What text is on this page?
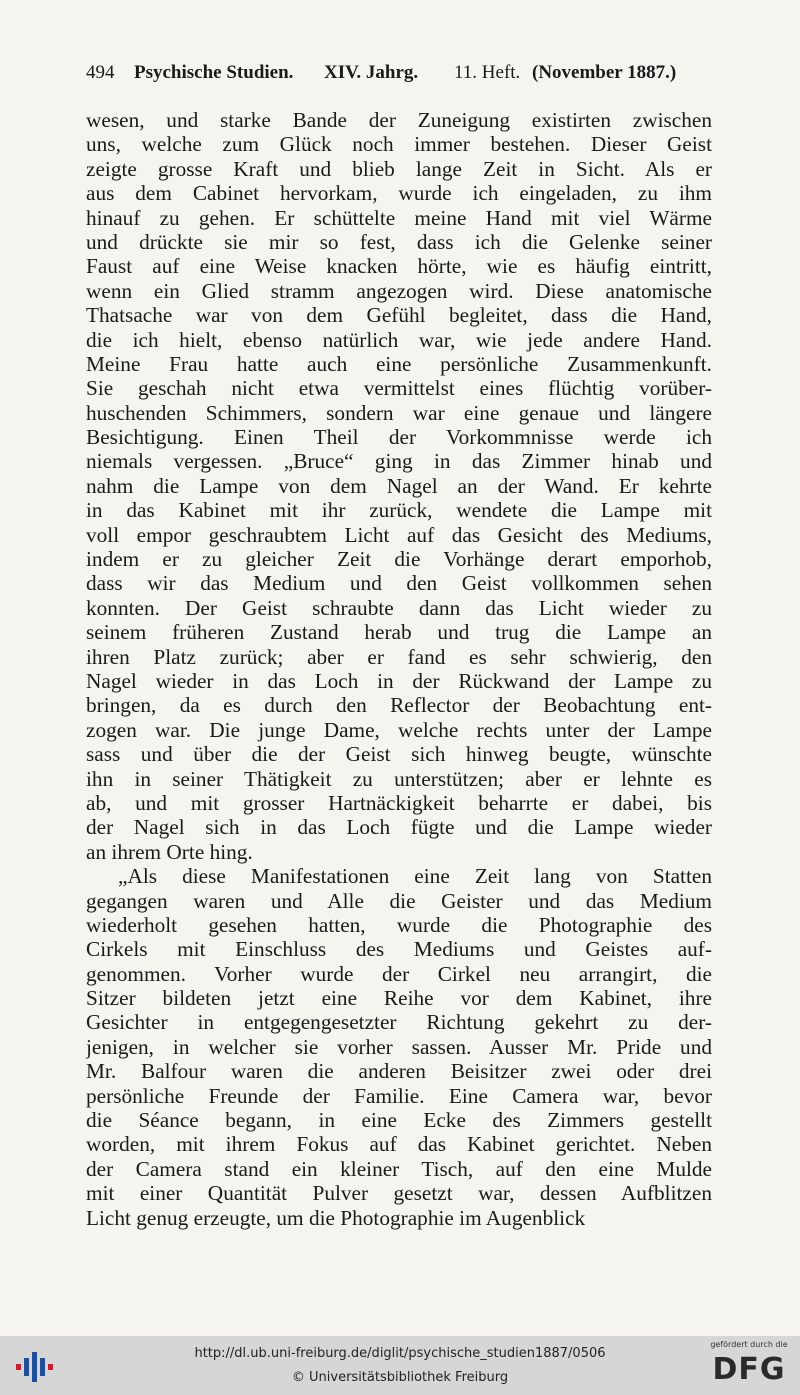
494 Psychische Studien. XIV. Jahrg. 11. Heft. (November 1887.)
wesen, und starke Bande der Zuneigung existirten zwischen
uns, welche zum Glück noch immer bestehen. Dieser Geist
zeigte grosse Kraft und blieb lange Zeit in Sicht. Als er
aus dem Cabinet hervorkam, wurde ich eingeladen, zu ihm
hinauf zu gehen. Er schüttelte meine Hand mit viel Wärme
und drückte sie mir so fest, dass ich die Gelenke seiner
Faust auf eine Weise knacken hörte, wie es häufig eintritt,
wenn ein Glied stramm angezogen wird. Diese anatomische
Thatsache war von dem Gefühl begleitet, dass die Hand,
die ich hielt, ebenso natürlich war, wie jede andere Hand.
Meine Frau hatte auch eine persönliche Zusammenkunft.
Sie geschah nicht etwa vermittelst eines flüchtig vorüber-
huschenden Schimmers, sondern war eine genaue und längere
Besichtigung. Einen Theil der Vorkommnisse werde ich
niemals vergessen. „Bruce“ ging in das Zimmer hinab und
nahm die Lampe von dem Nagel an der Wand. Er kehrte
in das Kabinet mit ihr zurück, wendete die Lampe mit
voll empor geschraubtem Licht auf das Gesicht des Mediums,
indem er zu gleicher Zeit die Vorhänge derart emporhob,
dass wir das Medium und den Geist vollkommen sehen
konnten. Der Geist schraubte dann das Licht wieder zu
seinem früheren Zustand herab und trug die Lampe an
ihren Platz zurück; aber er fand es sehr schwierig, den
Nagel wieder in das Loch in der Rückwand der Lampe zu
bringen, da es durch den Reflector der Beobachtung ent-
zogen war. Die junge Dame, welche rechts unter der Lampe
sass und über die der Geist sich hinweg beugte, wünschte
ihn in seiner Thätigkeit zu unterstützen; aber er lehnte es
ab, und mit grosser Hartnäckigkeit beharrte er dabei, bis
der Nagel sich in das Loch fügte und die Lampe wieder
an ihrem Orte hing.
„Als diese Manifestationen eine Zeit lang von Statten
gegangen waren und Alle die Geister und das Medium
wiederholt gesehen hatten, wurde die Photographie des
Cirkels mit Einschluss des Mediums und Geistes auf-
genommen. Vorher wurde der Cirkel neu arrangirt, die
Sitzer bildeten jetzt eine Reihe vor dem Kabinet, ihre
Gesichter in entgegengesetzter Richtung gekehrt zu der-
jenigen, in welcher sie vorher sassen. Ausser Mr. Pride und
Mr. Balfour waren die anderen Beisitzer zwei oder drei
persönliche Freunde der Familie. Eine Camera war, bevor
die Séance begann, in eine Ecke des Zimmers gestellt
worden, mit ihrem Fokus auf das Kabinet gerichtet. Neben
der Camera stand ein kleiner Tisch, auf den eine Mulde
mit einer Quantität Pulver gesetzt war, dessen Aufblitzen
Licht genug erzeugte, um die Photographie im Augenblick
http://dl.ub.uni-freiburg.de/diglit/psychische_studien1887/0506
© Universitätsbibliothek Freiburg
gefördert durch die
DFG
